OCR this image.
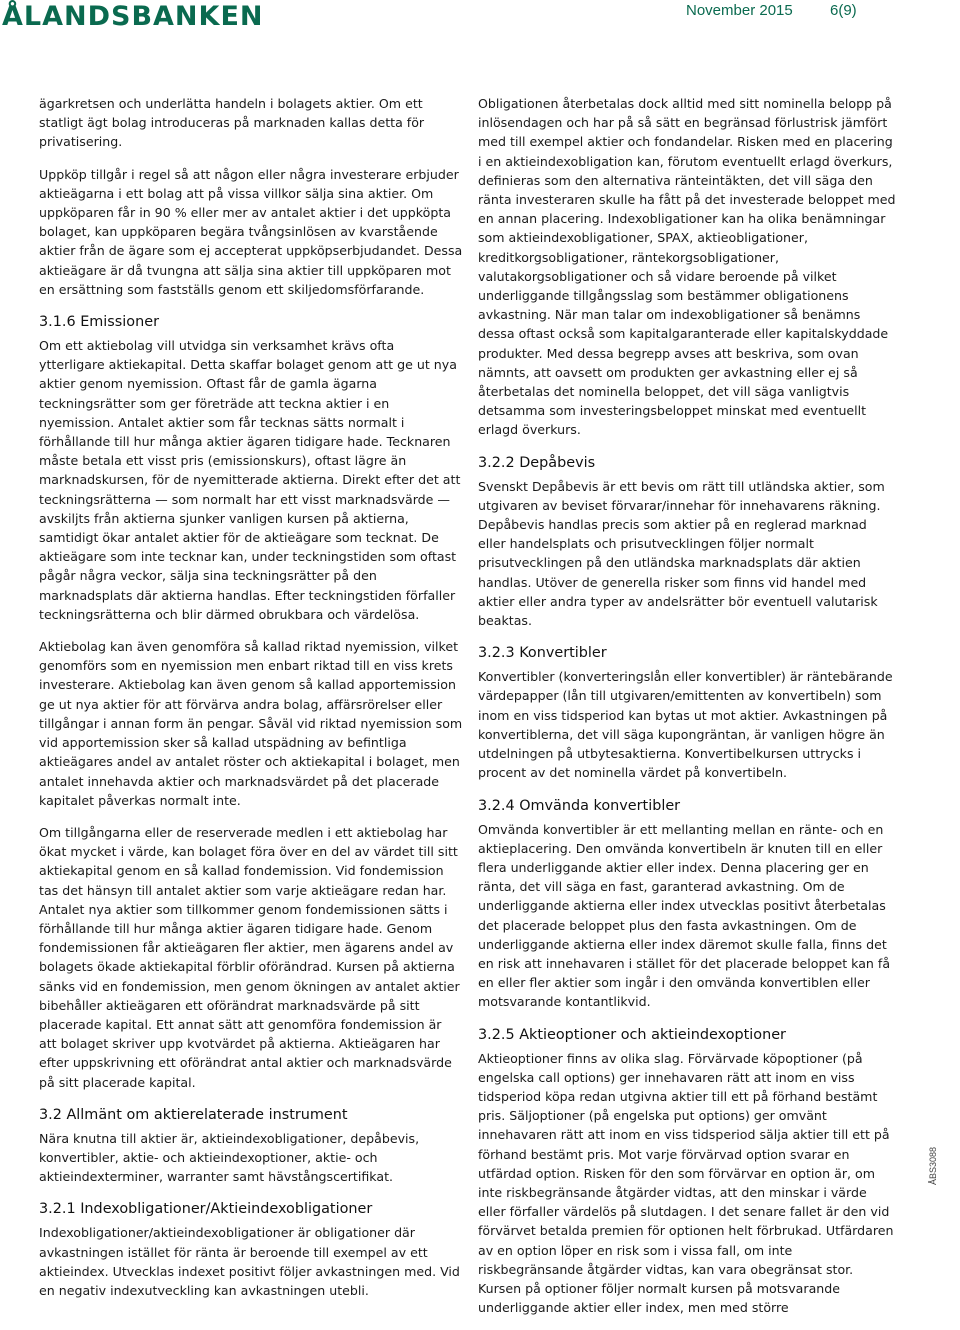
ÅLANDSBANKEN	November 2015 6(9)

ägarkretsen och underlätta handeln i bolagets aktier. Om ett statligt ägt bolag introduceras på marknaden kallas detta för privatisering.

Uppköp tillgår i regel så att någon eller några investerare erbjuder aktieägarna i ett bolag att på vissa villkor sälja sina aktier. Om uppköparen får in 90 % eller mer av antalet aktier i det uppköpta bolaget, kan uppköparen begära tvångsinlösen av kvarstående aktier från de ägare som ej accepterat uppköpserbjudandet. Dessa aktieägare är då tvungna att sälja sina aktier till uppköparen mot en ersättning som fastställs genom ett skiljedomsförfarande.

3.1.6 Emissioner

Om ett aktiebolag vill utvidga sin verksamhet krävs ofta ytterligare aktiekapital. Detta skaffar bolaget genom att ge ut nya aktier genom nyemission. Oftast får de gamla ägarna teckningsrätter som ger företräde att teckna aktier i en nyemission. Antalet aktier som får tecknas sätts normalt i förhållande till hur många aktier ägaren tidigare hade. Tecknaren måste betala ett visst pris (emissionskurs), oftast lägre än marknadskursen, för de nyemitterade aktierna. Direkt efter det att teckningsrätterna — som normalt har ett visst marknadsvärde — avskiljts från aktierna sjunker vanligen kursen på aktierna, samtidigt ökar antalet aktier för de aktieägare som tecknat. De aktieägare som inte tecknar kan, under teckningstiden som oftast pågår några veckor, sälja sina teckningsrätter på den marknadsplats där aktierna handlas. Efter teckningstiden förfaller teckningsrätterna och blir därmed obrukbara och värdelösa.

Aktiebolag kan även genomföra så kallad riktad nyemission, vilket genomförs som en nyemission men enbart riktad till en viss krets investerare. Aktiebolag kan även genom så kallad apportemission ge ut nya aktier för att förvärva andra bolag, affärsrörelser eller tillgångar i annan form än pengar. Såväl vid riktad nyemission som vid apportemission sker så kallad utspädning av befintliga aktieägares andel av antalet röster och aktiekapital i bolaget, men antalet innehavda aktier och marknadsvärdet på det placerade kapitalet påverkas normalt inte.

Om tillgångarna eller de reserverade medlen i ett aktiebolag har ökat mycket i värde, kan bolaget föra över en del av värdet till sitt aktiekapital genom en så kallad fondemission. Vid fondemission tas det hänsyn till antalet aktier som varje aktieägare redan har. Antalet nya aktier som tillkommer genom fondemissionen sätts i förhållande till hur många aktier ägaren tidigare hade. Genom fondemissionen får aktieägaren fler aktier, men ägarens andel av bolagets ökade aktiekapital förblir oförändrad. Kursen på aktierna sänks vid en fondemission, men genom ökningen av antalet aktier bibehåller aktieägaren ett oförändrat marknadsvärde på sitt placerade kapital. Ett annat sätt att genomföra fondemission är att bolaget skriver upp kvotvärdet på aktierna. Aktieägaren har efter uppskrivning ett oförändrat antal aktier och marknadsvärde på sitt placerade kapital.

3.2 Allmänt om aktierelaterade instrument

Nära knutna till aktier är, aktieindexobligationer, depåbevis, konvertibler, aktie- och aktieindexoptioner, aktie- och aktieindexterminer, warranter samt hävstångscertifikat.

3.2.1 Indexobligationer/Aktieindexobligationer

Indexobligationer/aktieindexobligationer är obligationer där avkastningen istället för ränta är beroende till exempel av ett aktieindex. Utvecklas indexet positivt följer avkastningen med. Vid en negativ indexutveckling kan avkastningen utebli.

Obligationen återbetalas dock alltid med sitt nominella belopp på inlösendagen och har på så sätt en begränsad förlustrisk jämfört med till exempel aktier och fondandelar. Risken med en placering i en aktieindexobligation kan, förutom eventuellt erlagd överkurs, definieras som den alternativa ränteintäkten, det vill säga den ränta investeraren skulle ha fått på det investerade beloppet med en annan placering. Indexobligationer kan ha olika benämningar som aktieindexobligationer, SPAX, aktieobligationer, kreditkorgsobligationer, räntekorgsobligationer, valutakorgsobligationer och så vidare beroende på vilket underliggande tillgångsslag som bestämmer obligationens avkastning. När man talar om indexobligationer så benämns dessa oftast också som kapitalgaranterade eller kapitalskyddade produkter. Med dessa begrepp avses att beskriva, som ovan nämnts, att oavsett om produkten ger avkastning eller ej så återbetalas det nominella beloppet, det vill säga vanligtvis detsamma som investeringsbeloppet minskat med eventuellt erlagd överkurs.

3.2.2 Depåbevis

Svenskt Depåbevis är ett bevis om rätt till utländska aktier, som utgivaren av beviset förvarar/innehar för innehavarens räkning. Depåbevis handlas precis som aktier på en reglerad marknad eller handelsplats och prisutvecklingen följer normalt prisutvecklingen på den utländska marknadsplats där aktien handlas. Utöver de generella risker som finns vid handel med aktier eller andra typer av andelsrätter bör eventuell valutarisk beaktas.

3.2.3 Konvertibler

Konvertibler (konverteringslån eller konvertibler) är räntebärande värdepapper (lån till utgivaren/emittenten av konvertibeln) som inom en viss tidsperiod kan bytas ut mot aktier. Avkastningen på konvertiblerna, det vill säga kupongräntan, är vanligen högre än utdelningen på utbytesaktierna. Konvertibelkursen uttrycks i procent av det nominella värdet på konvertibeln.

3.2.4 Omvända konvertibler

Omvända konvertibler är ett mellanting mellan en ränte- och en aktieplacering. Den omvända konvertibeln är knuten till en eller flera underliggande aktier eller index. Denna placering ger en ränta, det vill säga en fast, garanterad avkastning. Om de underliggande aktierna eller index utvecklas positivt återbetalas det placerade beloppet plus den fasta avkastningen. Om de underliggande aktierna eller index däremot skulle falla, finns det en risk att innehavaren i stället för det placerade beloppet kan få en eller fler aktier som ingår i den omvända konvertiblen eller motsvarande kontantlikvid.

3.2.5 Aktieoptioner och aktieindexoptioner

Aktieoptioner finns av olika slag. Förvärvade köpoptioner (på engelska call options) ger innehavaren rätt att inom en viss tidsperiod köpa redan utgivna aktier till ett på förhand bestämt pris. Säljoptioner (på engelska put options) ger omvänt innehavaren rätt att inom en viss tidsperiod sälja aktier till ett på förhand bestämt pris. Mot varje förvärvad option svarar en utfärdad option. Risken för den som förvärvar en option är, om inte riskbegränsande åtgärder vidtas, att den minskar i värde eller förfaller värdelös på slutdagen. I det senare fallet är den vid förvärvet betalda premien för optionen helt förbrukad. Utfärdaren av en option löper en risk som i vissa fall, om inte riskbegränsande åtgärder vidtas, kan vara obegränsat stor. Kursen på optioner följer normalt kursen på motsvarande underliggande aktier eller index, men med större

ÅBS3088
